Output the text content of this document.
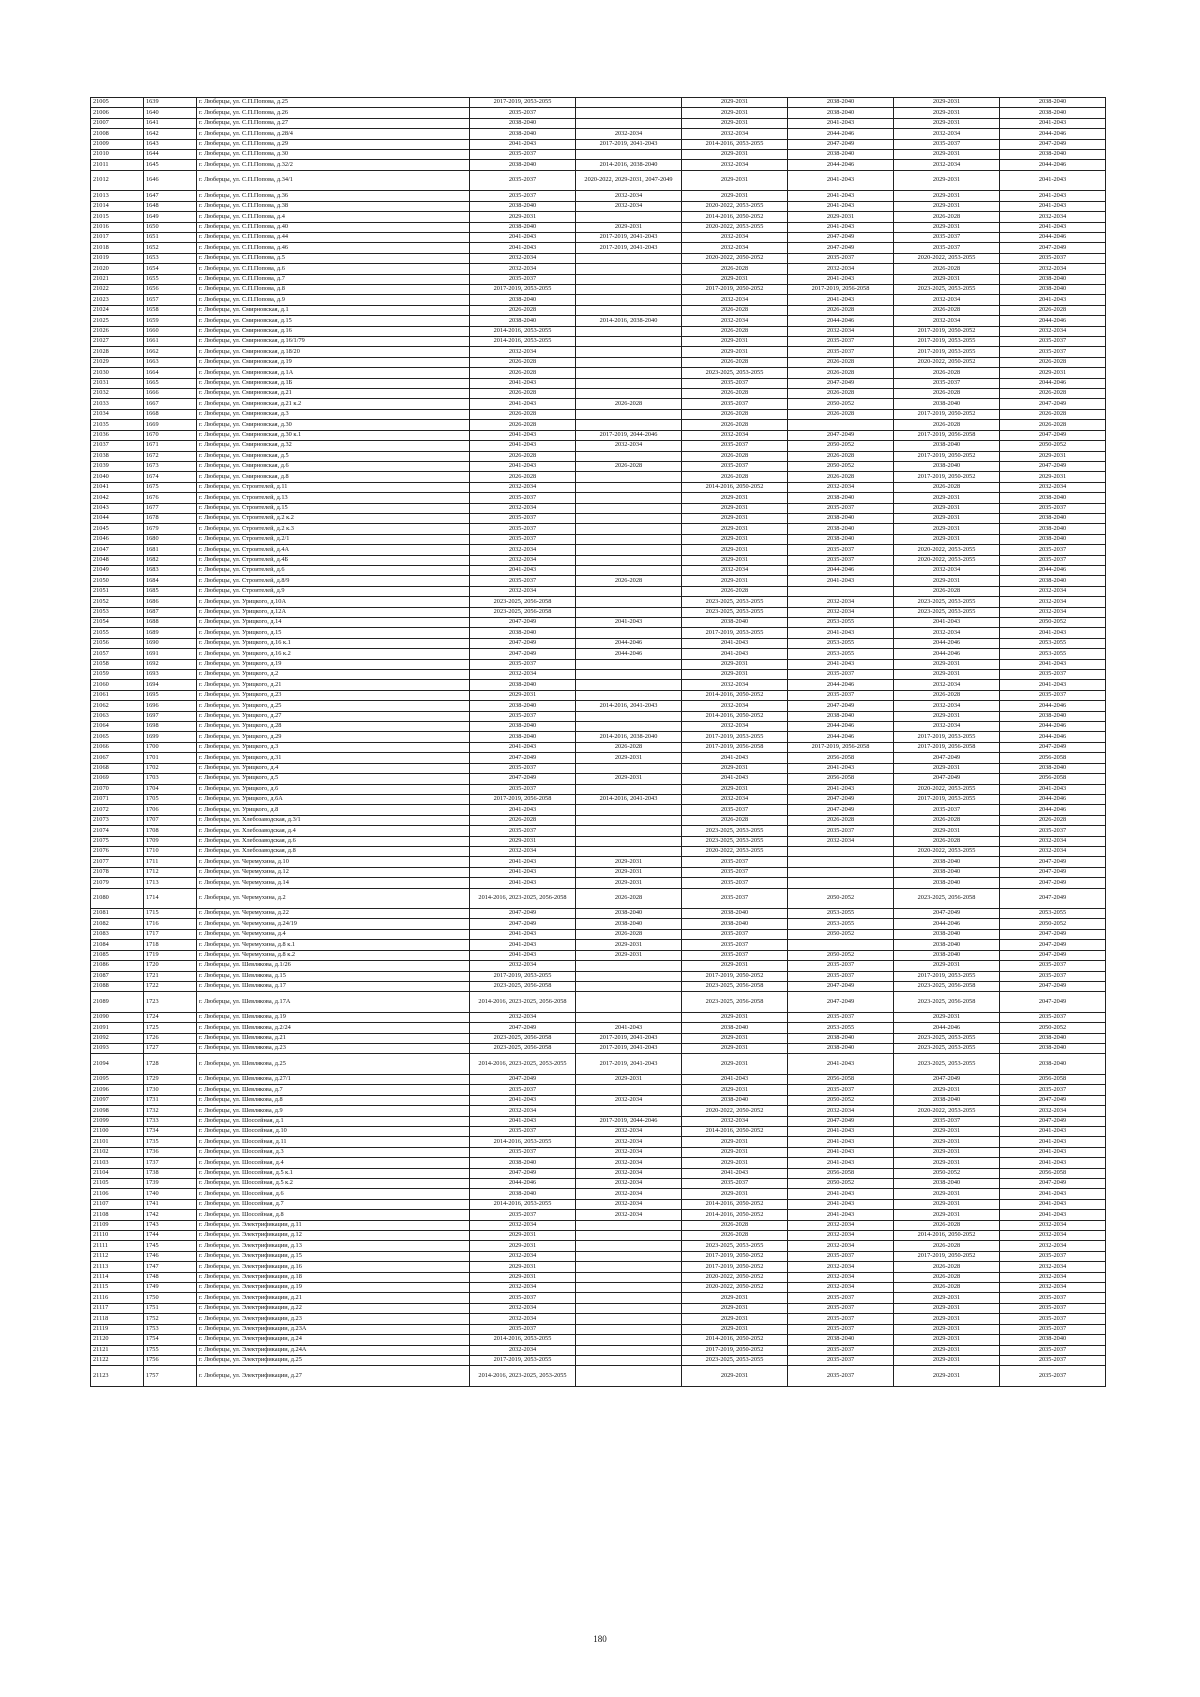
21005	1639	г. Люберцы, ул. С.П.Попова, д.25	2017-2019, 2053-2055		2029-2031	2038-2040	2029-2031	2038-2040
21006	1640	г. Люберцы, ул. С.П.Попова, д.26	2035-2037		2029-2031	2038-2040	2029-2031	2038-2040
21007	1641	г. Люберцы, ул. С.П.Попова, д.27	2038-2040		2029-2031	2041-2043	2029-2031	2041-2043
21008	1642	г. Люберцы, ул. С.П.Попова, д.28/4	2038-2040	2032-2034	2032-2034	2044-2046	2032-2034	2044-2046
21009	1643	г. Люберцы, ул. С.П.Попова, д.29	2041-2043	2017-2019, 2041-2043	2014-2016, 2053-2055	2047-2049	2035-2037	2047-2049
21010	1644	г. Люберцы, ул. С.П.Попова, д.30	2035-2037		2029-2031	2038-2040	2029-2031	2038-2040
21011	1645	г. Люберцы, ул. С.П.Попова, д.32/2	2038-2040	2014-2016, 2038-2040	2032-2034	2044-2046	2032-2034	2044-2046
21012	1646	г. Люберцы, ул. С.П.Попова, д.34/1	2035-2037	2020-2022, 2029-2031, 2047-2049	2029-2031	2041-2043	2029-2031	2041-2043
21013	1647	г. Люберцы, ул. С.П.Попова, д.36	2035-2037	2032-2034	2029-2031	2041-2043	2029-2031	2041-2043
21014	1648	г. Люберцы, ул. С.П.Попова, д.38	2038-2040	2032-2034	2020-2022, 2053-2055	2041-2043	2029-2031	2041-2043
21015	1649	г. Люберцы, ул. С.П.Попова, д.4	2029-2031		2014-2016, 2050-2052	2029-2031	2026-2028	2032-2034
21016	1650	г. Люберцы, ул. С.П.Попова, д.40	2038-2040	2029-2031	2020-2022, 2053-2055	2041-2043	2029-2031	2041-2043
21017	1651	г. Люберцы, ул. С.П.Попова, д.44	2041-2043	2017-2019, 2041-2043	2032-2034	2047-2049	2035-2037	2044-2046
21018	1652	г. Люберцы, ул. С.П.Попова, д.46	2041-2043	2017-2019, 2041-2043	2032-2034	2047-2049	2035-2037	2047-2049
21019	1653	г. Люберцы, ул. С.П.Попова, д.5	2032-2034		2020-2022, 2050-2052	2035-2037	2020-2022, 2053-2055	2035-2037
21020	1654	г. Люберцы, ул. С.П.Попова, д.6	2032-2034		2026-2028	2032-2034	2026-2028	2032-2034
21021	1655	г. Люберцы, ул. С.П.Попова, д.7	2035-2037		2029-2031	2041-2043	2029-2031	2038-2040
21022	1656	г. Люберцы, ул. С.П.Попова, д.8	2017-2019, 2053-2055		2017-2019, 2050-2052	2017-2019, 2056-2058	2023-2025, 2053-2055	2038-2040
21023	1657	г. Люберцы, ул. С.П.Попова, д.9	2038-2040		2032-2034	2041-2043	2032-2034	2041-2043
21024	1658	г. Люберцы, ул. Смирновская, д.1	2026-2028		2026-2028	2026-2028	2026-2028	2026-2028
21025	1659	г. Люберцы, ул. Смирновская, д.15	2038-2040	2014-2016, 2038-2040	2032-2034	2044-2046	2032-2034	2044-2046
21026	1660	г. Люберцы, ул. Смирновская, д.16	2014-2016, 2053-2055		2026-2028	2032-2034	2017-2019, 2050-2052	2032-2034
21027	1661	г. Люберцы, ул. Смирновская, д.16/1/79	2014-2016, 2053-2055		2029-2031	2035-2037	2017-2019, 2053-2055	2035-2037
21028	1662	г. Люберцы, ул. Смирновская, д.18/20	2032-2034		2029-2031	2035-2037	2017-2019, 2053-2055	2035-2037
21029	1663	г. Люберцы, ул. Смирновская, д.19	2026-2028		2026-2028	2026-2028	2020-2022, 2050-2052	2026-2028
21030	1664	г. Люберцы, ул. Смирновская, д.1А	2026-2028		2023-2025, 2053-2055	2026-2028	2026-2028	2029-2031
21031	1665	г. Люберцы, ул. Смирновская, д.1Б	2041-2043		2035-2037	2047-2049	2035-2037	2044-2046
21032	1666	г. Люберцы, ул. Смирновская, д.21	2026-2028		2026-2028	2026-2028	2026-2028	2026-2028
21033	1667	г. Люберцы, ул. Смирновская, д.21 к.2	2041-2043	2026-2028	2035-2037	2050-2052	2038-2040	2047-2049
21034	1668	г. Люберцы, ул. Смирновская, д.3	2026-2028		2026-2028	2026-2028	2017-2019, 2050-2052	2026-2028
21035	1669	г. Люберцы, ул. Смирновская, д.30	2026-2028		2026-2028		2026-2028	2026-2028
21036	1670	г. Люберцы, ул. Смирновская, д.30 к.1	2041-2043	2017-2019, 2044-2046	2032-2034	2047-2049	2017-2019, 2056-2058	2047-2049
21037	1671	г. Люберцы, ул. Смирновская, д.32	2041-2043	2032-2034	2035-2037	2050-2052	2038-2040	2050-2052
21038	1672	г. Люберцы, ул. Смирновская, д.5	2026-2028		2026-2028	2026-2028	2017-2019, 2050-2052	2029-2031
21039	1673	г. Люберцы, ул. Смирновская, д.6	2041-2043	2026-2028	2035-2037	2050-2052	2038-2040	2047-2049
21040	1674	г. Люберцы, ул. Смирновская, д.8	2026-2028		2026-2028	2026-2028	2017-2019, 2050-2052	2029-2031
21041	1675	г. Люберцы, ул. Строителей, д.11	2032-2034		2014-2016, 2050-2052	2032-2034	2026-2028	2032-2034
21042	1676	г. Люберцы, ул. Строителей, д.13	2035-2037		2029-2031	2038-2040	2029-2031	2038-2040
21043	1677	г. Люберцы, ул. Строителей, д.15	2032-2034		2029-2031	2035-2037	2029-2031	2035-2037
21044	1678	г. Люберцы, ул. Строителей, д.2 к.2	2035-2037		2029-2031	2038-2040	2029-2031	2038-2040
21045	1679	г. Люберцы, ул. Строителей, д.2 к.3	2035-2037		2029-2031	2038-2040	2029-2031	2038-2040
21046	1680	г. Люберцы, ул. Строителей, д.2/1	2035-2037		2029-2031	2038-2040	2029-2031	2038-2040
21047	1681	г. Люберцы, ул. Строителей, д.4А	2032-2034		2029-2031	2035-2037	2020-2022, 2053-2055	2035-2037
21048	1682	г. Люберцы, ул. Строителей, д.4Б	2032-2034		2029-2031	2035-2037	2020-2022, 2053-2055	2035-2037
21049	1683	г. Люберцы, ул. Строителей, д.6	2041-2043		2032-2034	2044-2046	2032-2034	2044-2046
21050	1684	г. Люберцы, ул. Строителей, д.8/9	2035-2037	2026-2028	2029-2031	2041-2043	2029-2031	2038-2040
21051	1685	г. Люберцы, ул. Строителей, д.9	2032-2034		2026-2028		2026-2028	2032-2034
21052	1686	г. Люберцы, ул. Урицкого, д.10А	2023-2025, 2056-2058		2023-2025, 2053-2055	2032-2034	2023-2025, 2053-2055	2032-2034
21053	1687	г. Люберцы, ул. Урицкого, д.12А	2023-2025, 2056-2058		2023-2025, 2053-2055	2032-2034	2023-2025, 2053-2055	2032-2034
21054	1688	г. Люберцы, ул. Урицкого, д.14	2047-2049	2041-2043	2038-2040	2053-2055	2041-2043	2050-2052
21055	1689	г. Люберцы, ул. Урицкого, д.15	2038-2040		2017-2019, 2053-2055	2041-2043	2032-2034	2041-2043
21056	1690	г. Люберцы, ул. Урицкого, д.16 к.1	2047-2049	2044-2046	2041-2043	2053-2055	2044-2046	2053-2055
21057	1691	г. Люберцы, ул. Урицкого, д.16 к.2	2047-2049	2044-2046	2041-2043	2053-2055	2044-2046	2053-2055
21058	1692	г. Люберцы, ул. Урицкого, д.19	2035-2037		2029-2031	2041-2043	2029-2031	2041-2043
21059	1693	г. Люберцы, ул. Урицкого, д.2	2032-2034		2029-2031	2035-2037	2029-2031	2035-2037
21060	1694	г. Люберцы, ул. Урицкого, д.21	2038-2040		2032-2034	2044-2046	2032-2034	2041-2043
21061	1695	г. Люберцы, ул. Урицкого, д.23	2029-2031		2014-2016, 2050-2052	2035-2037	2026-2028	2035-2037
21062	1696	г. Люберцы, ул. Урицкого, д.25	2038-2040	2014-2016, 2041-2043	2032-2034	2047-2049	2032-2034	2044-2046
21063	1697	г. Люберцы, ул. Урицкого, д.27	2035-2037		2014-2016, 2050-2052	2038-2040	2029-2031	2038-2040
21064	1698	г. Люберцы, ул. Урицкого, д.28	2038-2040		2032-2034	2044-2046	2032-2034	2044-2046
21065	1699	г. Люберцы, ул. Урицкого, д.29	2038-2040	2014-2016, 2038-2040	2017-2019, 2053-2055	2044-2046	2017-2019, 2053-2055	2044-2046
21066	1700	г. Люберцы, ул. Урицкого, д.3	2041-2043	2026-2028	2017-2019, 2056-2058	2017-2019, 2056-2058	2017-2019, 2056-2058	2047-2049
21067	1701	г. Люберцы, ул. Урицкого, д.31	2047-2049	2029-2031	2041-2043	2056-2058	2047-2049	2056-2058
21068	1702	г. Люберцы, ул. Урицкого, д.4	2035-2037		2029-2031	2041-2043	2029-2031	2038-2040
21069	1703	г. Люберцы, ул. Урицкого, д.5	2047-2049	2029-2031	2041-2043	2056-2058	2047-2049	2056-2058
21070	1704	г. Люберцы, ул. Урицкого, д.6	2035-2037		2029-2031	2041-2043	2020-2022, 2053-2055	2041-2043
21071	1705	г. Люберцы, ул. Урицкого, д.6А	2017-2019, 2056-2058	2014-2016, 2041-2043	2032-2034	2047-2049	2017-2019, 2053-2055	2044-2046
21072	1706	г. Люберцы, ул. Урицкого, д.8	2041-2043		2035-2037	2047-2049	2035-2037	2044-2046
21073	1707	г. Люберцы, ул. Хлебозаводская, д.3/1	2026-2028		2026-2028	2026-2028	2026-2028	2026-2028
21074	1708	г. Люберцы, ул. Хлебозаводская, д.4	2035-2037		2023-2025, 2053-2055	2035-2037	2029-2031	2035-2037
21075	1709	г. Люберцы, ул. Хлебозаводская, д.6	2029-2031		2023-2025, 2053-2055	2032-2034	2026-2028	2032-2034
21076	1710	г. Люберцы, ул. Хлебозаводская, д.8	2032-2034		2020-2022, 2053-2055		2020-2022, 2053-2055	2032-2034
21077	1711	г. Люберцы, ул. Черемухина, д.10	2041-2043	2029-2031	2035-2037		2038-2040	2047-2049
21078	1712	г. Люберцы, ул. Черемухина, д.12	2041-2043	2029-2031	2035-2037		2038-2040	2047-2049
21079	1713	г. Люберцы, ул. Черемухина, д.14	2041-2043	2029-2031	2035-2037		2038-2040	2047-2049
21080	1714	г. Люберцы, ул. Черемухина, д.2	2014-2016, 2023-2025, 2056-2058	2026-2028	2035-2037	2050-2052	2023-2025, 2056-2058	2047-2049
21081	1715	г. Люберцы, ул. Черемухина, д.22	2047-2049	2038-2040	2038-2040	2053-2055	2047-2049	2053-2055
21082	1716	г. Люберцы, ул. Черемухина, д.24/19	2047-2049	2038-2040	2038-2040	2053-2055	2044-2046	2050-2052
21083	1717	г. Люберцы, ул. Черемухина, д.4	2041-2043	2026-2028	2035-2037	2050-2052	2038-2040	2047-2049
21084	1718	г. Люберцы, ул. Черемухина, д.8 к.1	2041-2043	2029-2031	2035-2037		2038-2040	2047-2049
21085	1719	г. Люберцы, ул. Черемухина, д.8 к.2	2041-2043	2029-2031	2035-2037	2050-2052	2038-2040	2047-2049
21086	1720	г. Люберцы, ул. Шевлякова, д.1/26	2032-2034		2029-2031	2035-2037	2029-2031	2035-2037
21087	1721	г. Люберцы, ул. Шевлякова, д.15	2017-2019, 2053-2055		2017-2019, 2050-2052	2035-2037	2017-2019, 2053-2055	2035-2037
21088	1722	г. Люберцы, ул. Шевлякова, д.17	2023-2025, 2056-2058		2023-2025, 2056-2058	2047-2049	2023-2025, 2056-2058	2047-2049
21089	1723	г. Люберцы, ул. Шевлякова, д.17А	2014-2016, 2023-2025, 2056-2058		2023-2025, 2056-2058	2047-2049	2023-2025, 2056-2058	2047-2049
21090	1724	г. Люберцы, ул. Шевлякова, д.19	2032-2034		2029-2031	2035-2037	2029-2031	2035-2037
21091	1725	г. Люберцы, ул. Шевлякова, д.2/24	2047-2049	2041-2043	2038-2040	2053-2055	2044-2046	2050-2052
21092	1726	г. Люберцы, ул. Шевлякова, д.21	2023-2025, 2056-2058	2017-2019, 2041-2043	2029-2031	2038-2040	2023-2025, 2053-2055	2038-2040
21093	1727	г. Люберцы, ул. Шевлякова, д.23	2023-2025, 2056-2058	2017-2019, 2041-2043	2029-2031	2038-2040	2023-2025, 2053-2055	2038-2040
21094	1728	г. Люберцы, ул. Шевлякова, д.25	2014-2016, 2023-2025, 2053-2055	2017-2019, 2041-2043	2029-2031	2041-2043	2023-2025, 2053-2055	2038-2040
21095	1729	г. Люберцы, ул. Шевлякова, д.27/1	2047-2049	2029-2031	2041-2043	2056-2058	2047-2049	2056-2058
21096	1730	г. Люберцы, ул. Шевлякова, д.7	2035-2037		2029-2031	2035-2037	2029-2031	2035-2037
21097	1731	г. Люберцы, ул. Шевлякова, д.8	2041-2043	2032-2034	2038-2040	2050-2052	2038-2040	2047-2049
21098	1732	г. Люберцы, ул. Шевлякова, д.9	2032-2034		2020-2022, 2050-2052	2032-2034	2020-2022, 2053-2055	2032-2034
21099	1733	г. Люберцы, ул. Шоссейная, д.1	2041-2043	2017-2019, 2044-2046	2032-2034	2047-2049	2035-2037	2047-2049
21100	1734	г. Люберцы, ул. Шоссейная, д.10	2035-2037	2032-2034	2014-2016, 2050-2052	2041-2043	2029-2031	2041-2043
21101	1735	г. Люберцы, ул. Шоссейная, д.11	2014-2016, 2053-2055	2032-2034	2029-2031	2041-2043	2029-2031	2041-2043
21102	1736	г. Люберцы, ул. Шоссейная, д.3	2035-2037	2032-2034	2029-2031	2041-2043	2029-2031	2041-2043
21103	1737	г. Люберцы, ул. Шоссейная, д.4	2038-2040	2032-2034	2029-2031	2041-2043	2029-2031	2041-2043
21104	1738	г. Люберцы, ул. Шоссейная, д.5 к.1	2047-2049	2032-2034	2041-2043	2056-2058	2050-2052	2056-2058
21105	1739	г. Люберцы, ул. Шоссейная, д.5 к.2	2044-2046	2032-2034	2035-2037	2050-2052	2038-2040	2047-2049
21106	1740	г. Люберцы, ул. Шоссейная, д.6	2038-2040	2032-2034	2029-2031	2041-2043	2029-2031	2041-2043
21107	1741	г. Люберцы, ул. Шоссейная, д.7	2014-2016, 2053-2055	2032-2034	2014-2016, 2050-2052	2041-2043	2029-2031	2041-2043
21108	1742	г. Люберцы, ул. Шоссейная, д.8	2035-2037	2032-2034	2014-2016, 2050-2052	2041-2043	2029-2031	2041-2043
21109	1743	г. Люберцы, ул. Электрификации, д.11	2032-2034		2026-2028	2032-2034	2026-2028	2032-2034
21110	1744	г. Люберцы, ул. Электрификации, д.12	2029-2031		2026-2028	2032-2034	2014-2016, 2050-2052	2032-2034
21111	1745	г. Люберцы, ул. Электрификации, д.13	2029-2031		2023-2025, 2053-2055	2032-2034	2026-2028	2032-2034
21112	1746	г. Люберцы, ул. Электрификации, д.15	2032-2034		2017-2019, 2050-2052	2035-2037	2017-2019, 2050-2052	2035-2037
21113	1747	г. Люберцы, ул. Электрификации, д.16	2029-2031		2017-2019, 2050-2052	2032-2034	2026-2028	2032-2034
21114	1748	г. Люберцы, ул. Электрификации, д.18	2029-2031		2020-2022, 2050-2052	2032-2034	2026-2028	2032-2034
21115	1749	г. Люберцы, ул. Электрификации, д.19	2032-2034		2020-2022, 2050-2052	2032-2034	2026-2028	2032-2034
21116	1750	г. Люберцы, ул. Электрификации, д.21	2035-2037		2029-2031	2035-2037	2029-2031	2035-2037
21117	1751	г. Люберцы, ул. Электрификации, д.22	2032-2034		2029-2031	2035-2037	2029-2031	2035-2037
21118	1752	г. Люберцы, ул. Электрификации, д.23	2032-2034		2029-2031	2035-2037	2029-2031	2035-2037
21119	1753	г. Люберцы, ул. Электрификации, д.23А	2035-2037		2029-2031	2035-2037	2029-2031	2035-2037
21120	1754	г. Люберцы, ул. Электрификации, д.24	2014-2016, 2053-2055		2014-2016, 2050-2052	2038-2040	2029-2031	2038-2040
21121	1755	г. Люберцы, ул. Электрификации, д.24А	2032-2034		2017-2019, 2050-2052	2035-2037	2029-2031	2035-2037
21122	1756	г. Люберцы, ул. Электрификации, д.25	2017-2019, 2053-2055		2023-2025, 2053-2055	2035-2037	2029-2031	2035-2037
21123	1757	г. Люберцы, ул. Электрификации, д.27	2014-2016, 2023-2025, 2053-2055		2029-2031	2035-2037	2029-2031	2035-2037
180
